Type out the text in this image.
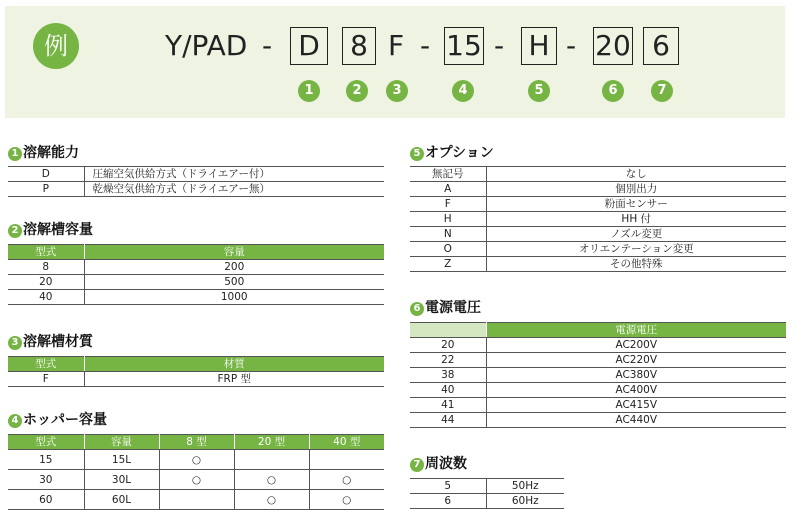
例	Y/PAD - D 8 F - 15 - H - 20 6
1	2	3	4	5	6	7
1 溶解能力
D	圧縮空気供給方式（ドライエアー付）
P	乾燥空気供給方式（ドライエアー無）
2 溶解槽容量
型式	容量
8	200
20	500
40	1000
3 溶解槽材質
型式	材質
F	FRP 型
4 ホッパー容量
型式	容量	8 型	20 型	40 型
15	15L	○		
30	30L	○	○	○
60	60L		○	○
5 オプション
無記号	なし
A	個別出力
F	粉面センサー
H	HH 付
N	ノズル変更
O	オリエンテーション変更
Z	その他特殊
6 電源電圧
	電源電圧
20	AC200V
22	AC220V
38	AC380V
40	AC400V
41	AC415V
44	AC440V
7 周波数
5	50Hz
6	60Hz
